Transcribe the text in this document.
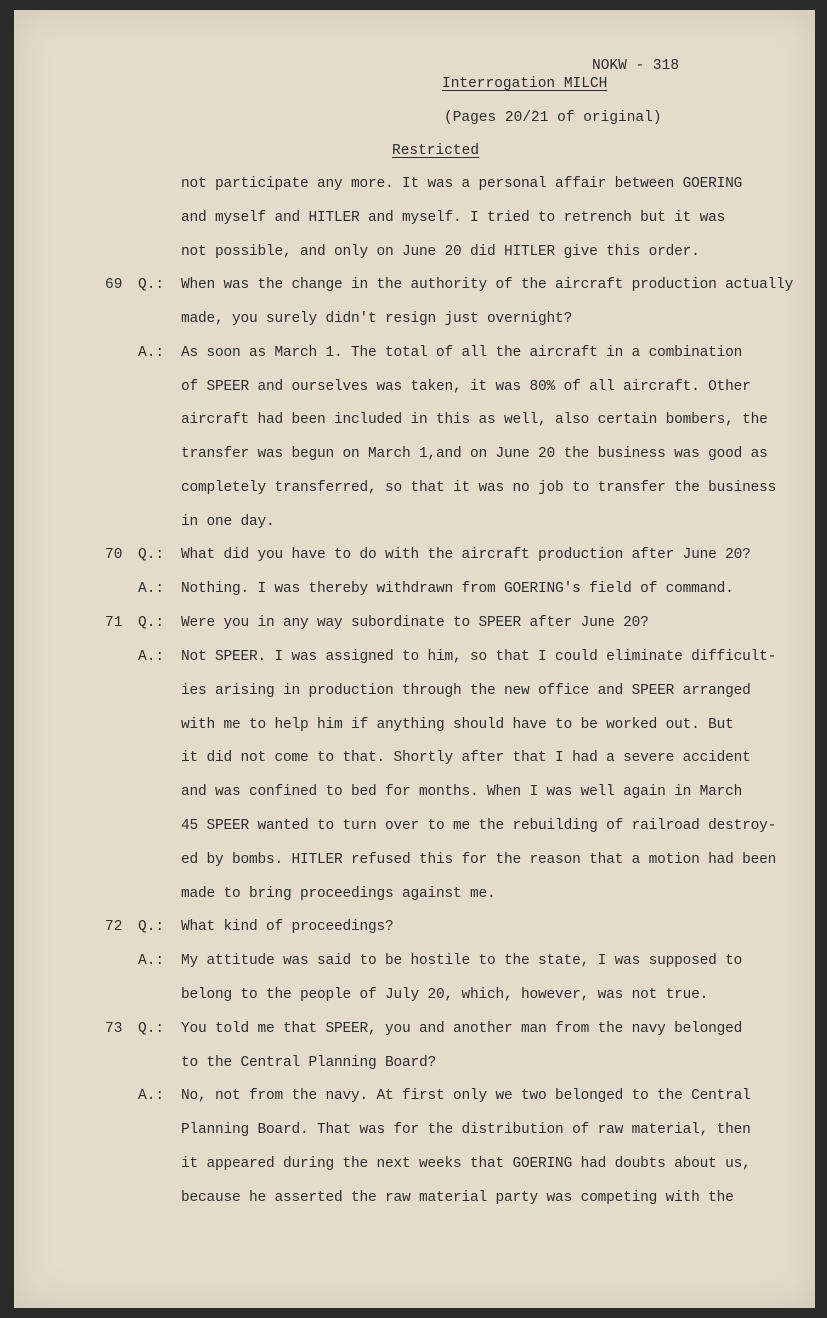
NOKW - 318
Interrogation MILCH
(Pages 20/21 of original)
Restricted
not participate any more. It was a personal affair between GOERING
and myself and HITLER and myself. I tried to retrench but it was
not possible, and only on June 20 did HITLER give this order.
69 Q.: When was the change in the authority of the aircraft production actually
made, you surely didn't resign just overnight?
A.: As soon as March 1. The total of all the aircraft in a combination
of SPEER and ourselves was taken, it was 80% of all aircraft. Other
aircraft had been included in this as well, also certain bombers, the
transfer was begun on March 1,and on June 20 the business was good as
completely transferred, so that it was no job to transfer the business
in one day.
70 Q.: What did you have to do with the aircraft production after June 20?
A.: Nothing. I was thereby withdrawn from GOERING's field of command.
71 Q.: Were you in any way subordinate to SPEER after June 20?
A.: Not SPEER. I was assigned to him, so that I could eliminate difficult-
ies arising in production through the new office and SPEER arranged
with me to help him if anything should have to be worked out. But
it did not come to that. Shortly after that I had a severe accident
and was confined to bed for months. When I was well again in March
45 SPEER wanted to turn over to me the rebuilding of railroad destroy-
ed by bombs. HITLER refused this for the reason that a motion had been
made to bring proceedings against me.
72 Q.: What kind of proceedings?
A.: My attitude was said to be hostile to the state, I was supposed to
belong to the people of July 20, which, however, was not true.
73 Q.: You told me that SPEER, you and another man from the navy belonged
to the Central Planning Board?
A.: No, not from the navy. At first only we two belonged to the Central
Planning Board. That was for the distribution of raw material, then
it appeared during the next weeks that GOERING had doubts about us,
because he asserted the raw material party was competing with the
